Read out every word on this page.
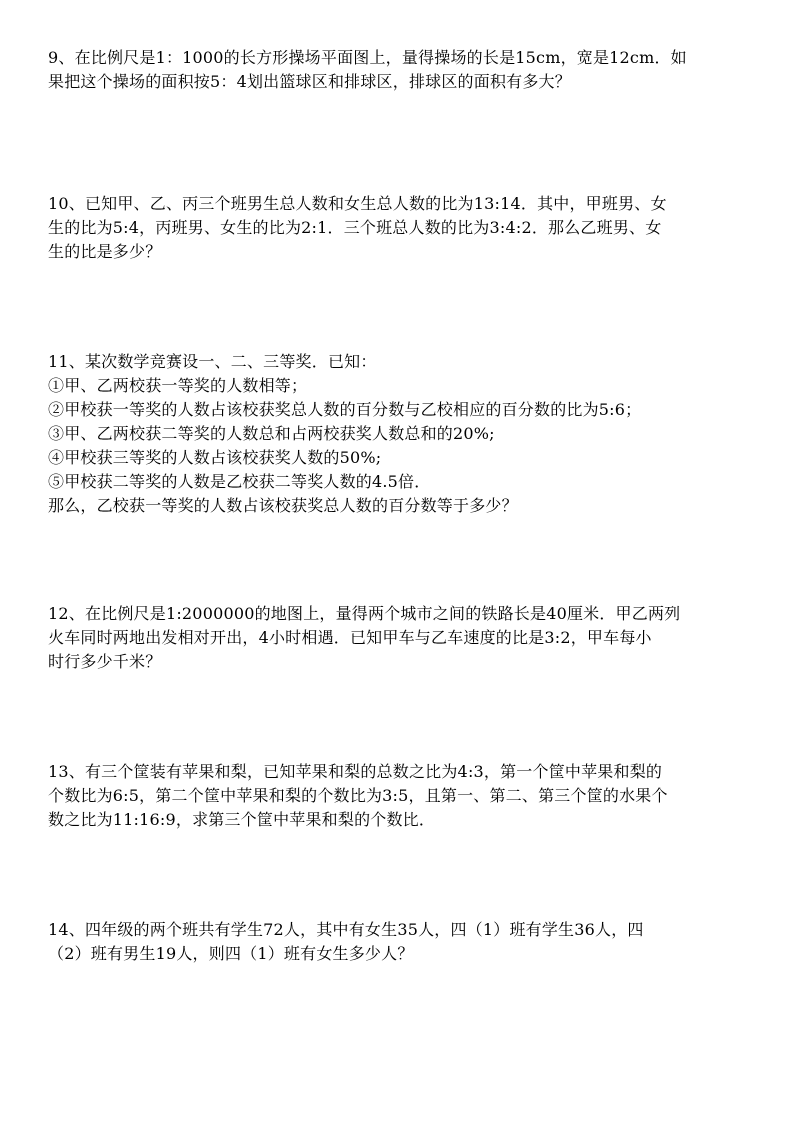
9、在比例尺是1：1000的长方形操场平面图上，量得操场的长是15cm，宽是12cm．如

果把这个操场的面积按5：4划出篮球区和排球区，排球区的面积有多大？

10、已知甲、乙、丙三个班男生总人数和女生总人数的比为13:14．其中，甲班男、女

生的比为5:4，丙班男、女生的比为2:1．三个班总人数的比为3:4:2．那么乙班男、女

生的比是多少？

11、某次数学竞赛设一、二、三等奖．已知：

①甲、乙两校获一等奖的人数相等；

②甲校获一等奖的人数占该校获奖总人数的百分数与乙校相应的百分数的比为5:6；

③甲、乙两校获二等奖的人数总和占两校获奖人数总和的20%;

④甲校获三等奖的人数占该校获奖人数的50%;

⑤甲校获二等奖的人数是乙校获二等奖人数的4.5倍．

那么，乙校获一等奖的人数占该校获奖总人数的百分数等于多少？

12、在比例尺是1:2000000的地图上，量得两个城市之间的铁路长是40厘米．甲乙两列

火车同时两地出发相对开出，4小时相遇．已知甲车与乙车速度的比是3:2，甲车每小

时行多少千米？

13、有三个筐装有苹果和梨，已知苹果和梨的总数之比为4:3，第一个筐中苹果和梨的

个数比为6:5，第二个筐中苹果和梨的个数比为3:5，且第一、第二、第三个筐的水果个

数之比为11:16:9，求第三个筐中苹果和梨的个数比．

14、四年级的两个班共有学生72人，其中有女生35人，四（1）班有学生36人，四

（2）班有男生19人，则四（1）班有女生多少人？
